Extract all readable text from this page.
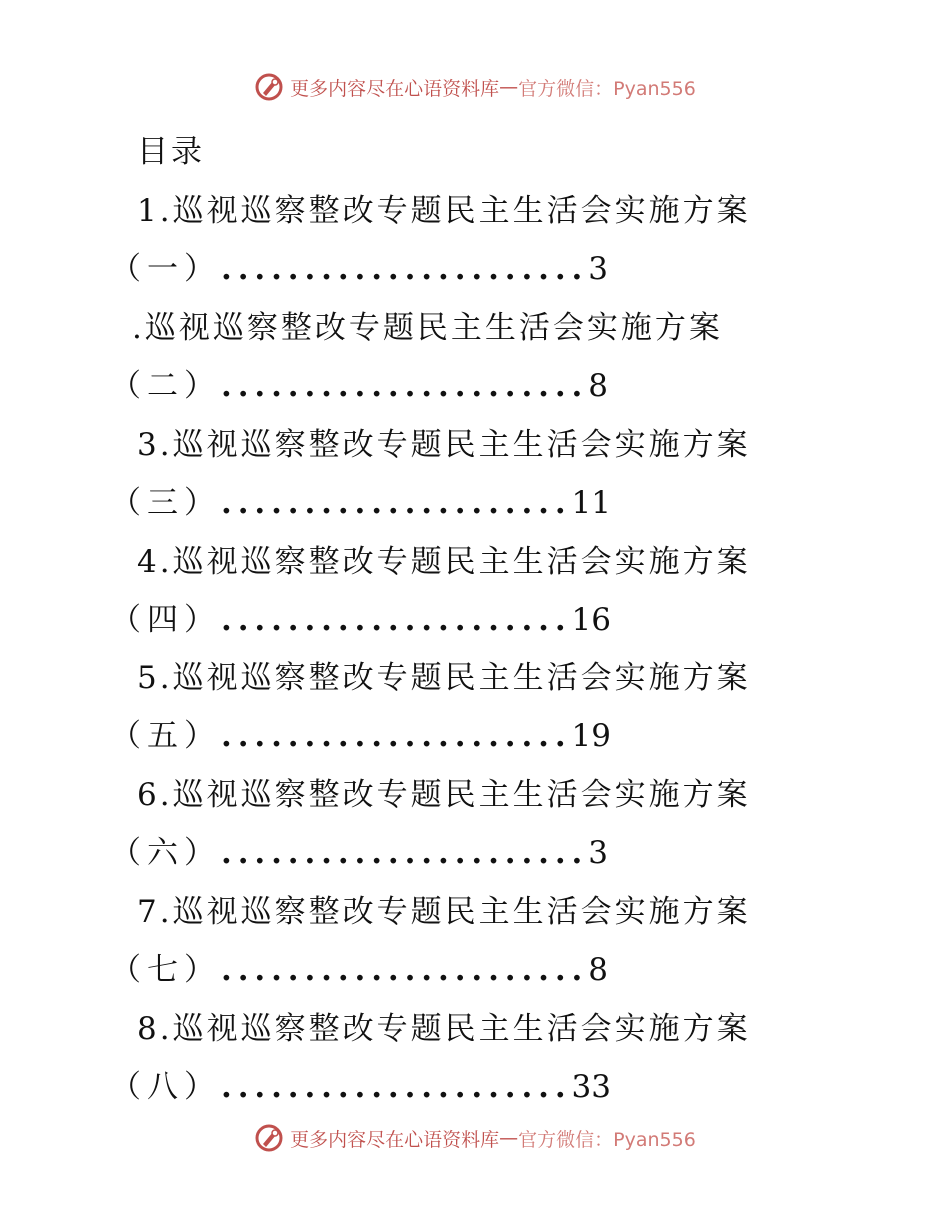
更多内容尽在心语资料库 — 官方微信：Pyan556
目录
1.巡视巡察整改专题民主生活会实施方案
（一）......................3
.巡视巡察整改专题民主生活会实施方案
（二）......................8
3.巡视巡察整改专题民主生活会实施方案
（三）.....................11
4.巡视巡察整改专题民主生活会实施方案
（四）.....................16
5.巡视巡察整改专题民主生活会实施方案
（五）.....................19
6.巡视巡察整改专题民主生活会实施方案
（六）......................3
7.巡视巡察整改专题民主生活会实施方案
（七）......................8
8.巡视巡察整改专题民主生活会实施方案
（八）.....................33
更多内容尽在心语资料库 — 官方微信：Pyan556
